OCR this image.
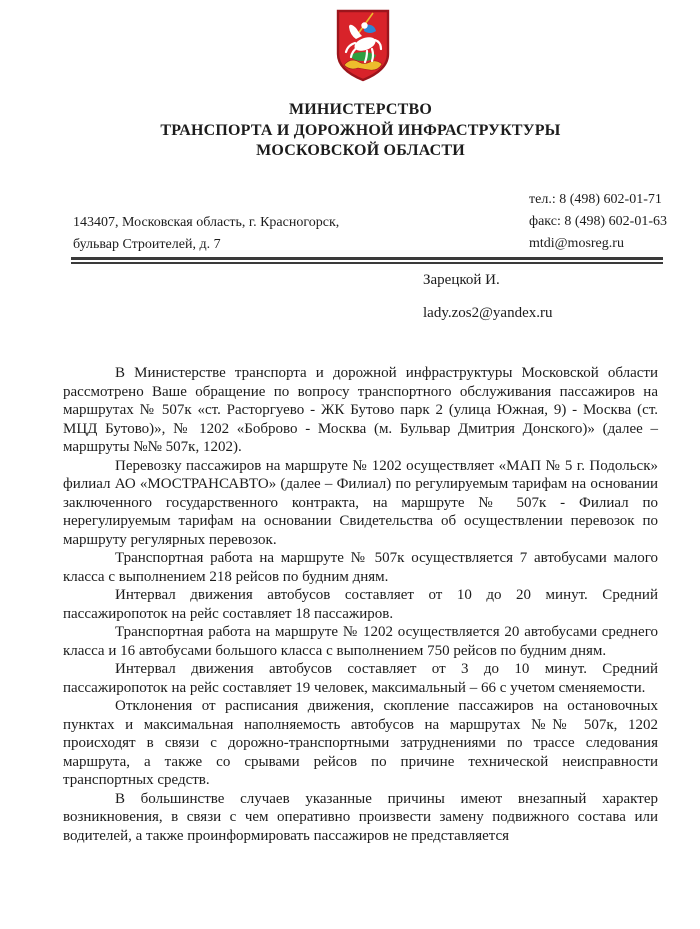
МИНИСТЕРСТВО
ТРАНСПОРТА И ДОРОЖНОЙ ИНФРАСТРУКТУРЫ
МОСКОВСКОЙ ОБЛАСТИ
143407, Московская область, г. Красногорск,
бульвар Строителей, д. 7
тел.: 8 (498) 602-01-71
факс: 8 (498) 602-01-63
mtdi@mosreg.ru
Зарецкой И.
lady.zos2@yandex.ru

В Министерстве транспорта и дорожной инфраструктуры Московской области рассмотрено Ваше обращение по вопросу транспортного обслуживания пассажиров на маршрутах № 507к «ст. Расторгуево - ЖК Бутово парк 2 (улица Южная, 9) - Москва (ст. МЦД Бутово)», № 1202 «Боброво - Москва (м. Бульвар Дмитрия Донского)» (далее – маршруты №№ 507к, 1202).

Перевозку пассажиров на маршруте № 1202 осуществляет «МАП № 5 г. Подольск» филиал АО «МОСТРАНСАВТО» (далее – Филиал) по регулируемым тарифам на основании заключенного государственного контракта, на маршруте № 507к - Филиал по нерегулируемым тарифам на основании Свидетельства об осуществлении перевозок по маршруту регулярных перевозок.

Транспортная работа на маршруте № 507к осуществляется 7 автобусами малого класса с выполнением 218 рейсов по будним дням.

Интервал движения автобусов составляет от 10 до 20 минут. Средний пассажиропоток на рейс составляет 18 пассажиров.

Транспортная работа на маршруте № 1202 осуществляется 20 автобусами среднего класса и 16 автобусами большого класса с выполнением 750 рейсов по будним дням.

Интервал движения автобусов составляет от 3 до 10 минут. Средний пассажиропоток на рейс составляет 19 человек, максимальный – 66 с учетом сменяемости.

Отклонения от расписания движения, скопление пассажиров на остановочных пунктах и максимальная наполняемость автобусов на маршрутах №№ 507к, 1202 происходят в связи с дорожно-транспортными затруднениями по трассе следования маршрута, а также со срывами рейсов по причине технической неисправности транспортных средств.

В большинстве случаев указанные причины имеют внезапный характер возникновения, в связи с чем оперативно произвести замену подвижного состава или водителей, а также проинформировать пассажиров не представляется
